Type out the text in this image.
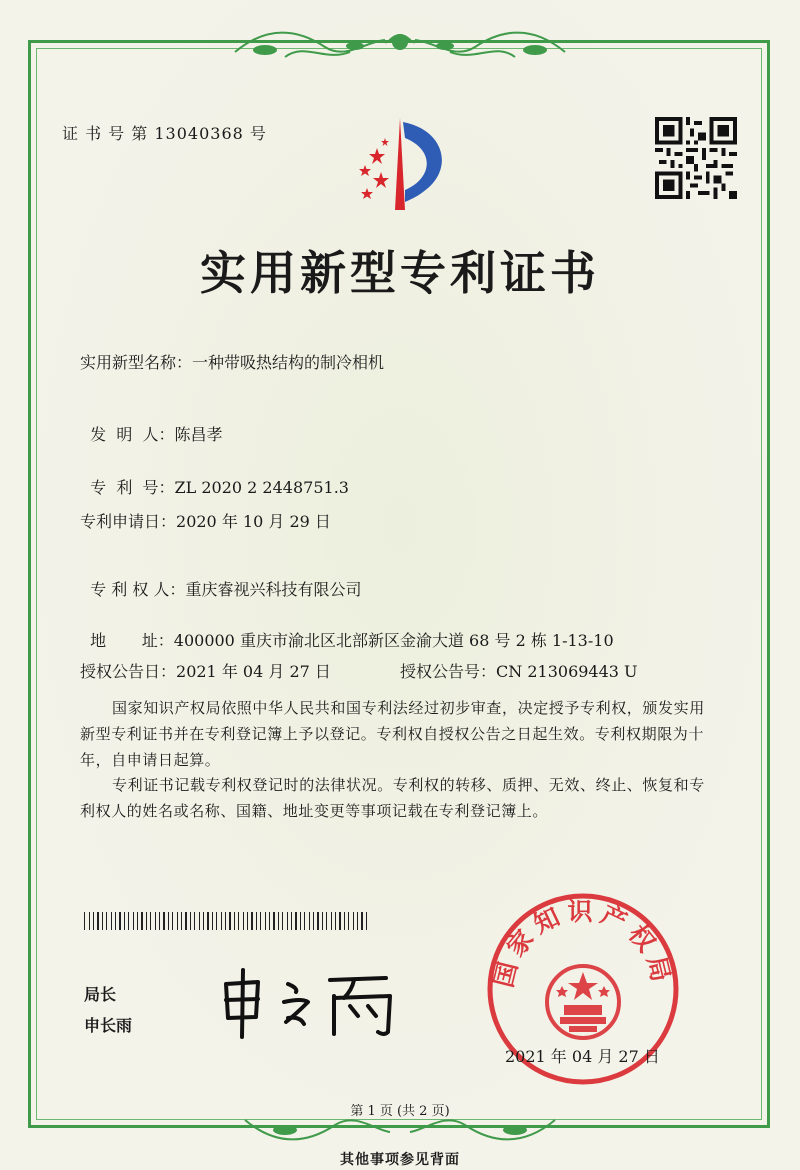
证 书 号 第 13040368 号
实用新型专利证书
实用新型名称：一种带吸热结构的制冷相机

发  明  人：陈昌孝

专  利  号：ZL 2020 2 2448751.3

专利申请日：2020 年 10 月 29 日

专 利 权 人：重庆睿视兴科技有限公司

地       址：400000 重庆市渝北区北部新区金渝大道 68 号 2 栋 1-13-10

授权公告日：2021 年 04 月 27 日	授权公告号：CN 213069443 U
国家知识产权局依照中华人民共和国专利法经过初步审查，决定授予专利权，颁发实用
新型专利证书并在专利登记簿上予以登记。专利权自授权公告之日起生效。专利权期限为十
年，自申请日起算。
专利证书记载专利权登记时的法律状况。专利权的转移、质押、无效、终止、恢复和专
利权人的姓名或名称、国籍、地址变更等事项记载在专利登记簿上。
局长
申长雨
国家知识产权局
2021 年 04 月 27 日
第 1 页 (共 2 页)
其他事项参见背面
